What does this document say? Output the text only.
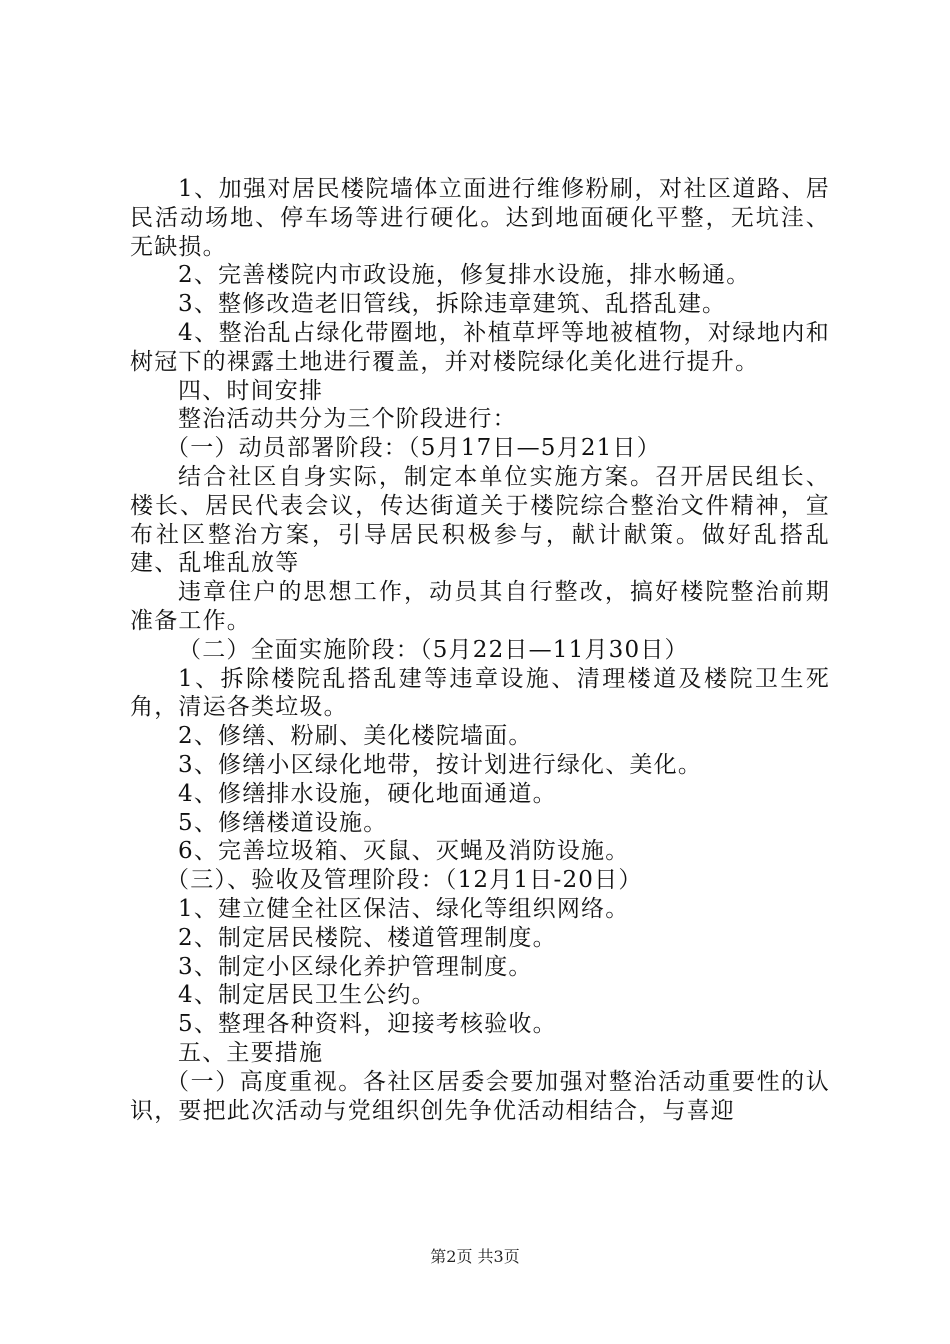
1、加强对居民楼院墙体立面进行维修粉刷，对社区道路、居民活动场地、停车场等进行硬化。达到地面硬化平整，无坑洼、无缺损。

2、完善楼院内市政设施，修复排水设施，排水畅通。

3、整修改造老旧管线，拆除违章建筑、乱搭乱建。

4、整治乱占绿化带圈地，补植草坪等地被植物，对绿地内和树冠下的裸露土地进行覆盖，并对楼院绿化美化进行提升。

四、时间安排

整治活动共分为三个阶段进行：

（一）动员部署阶段：（5月17日—5月21日）

结合社区自身实际，制定本单位实施方案。召开居民组长、楼长、居民代表会议，传达街道关于楼院综合整治文件精神，宣布社区整治方案，引导居民积极参与，献计献策。做好乱搭乱建、乱堆乱放等

违章住户的思想工作，动员其自行整改，搞好楼院整治前期准备工作。

（二）全面实施阶段：（5月22日—11月30日）

1、拆除楼院乱搭乱建等违章设施、清理楼道及楼院卫生死角，清运各类垃圾。

2、修缮、粉刷、美化楼院墙面。

3、修缮小区绿化地带，按计划进行绿化、美化。

4、修缮排水设施，硬化地面通道。

5、修缮楼道设施。

6、完善垃圾箱、灭鼠、灭蝇及消防设施。

（三）、验收及管理阶段：（12月1日-20日）

1、建立健全社区保洁、绿化等组织网络。

2、制定居民楼院、楼道管理制度。

3、制定小区绿化养护管理制度。

4、制定居民卫生公约。

5、整理各种资料，迎接考核验收。

五、主要措施

（一）高度重视。各社区居委会要加强对整治活动重要性的认识，要把此次活动与党组织创先争优活动相结合，与喜迎

第2页 共3页
